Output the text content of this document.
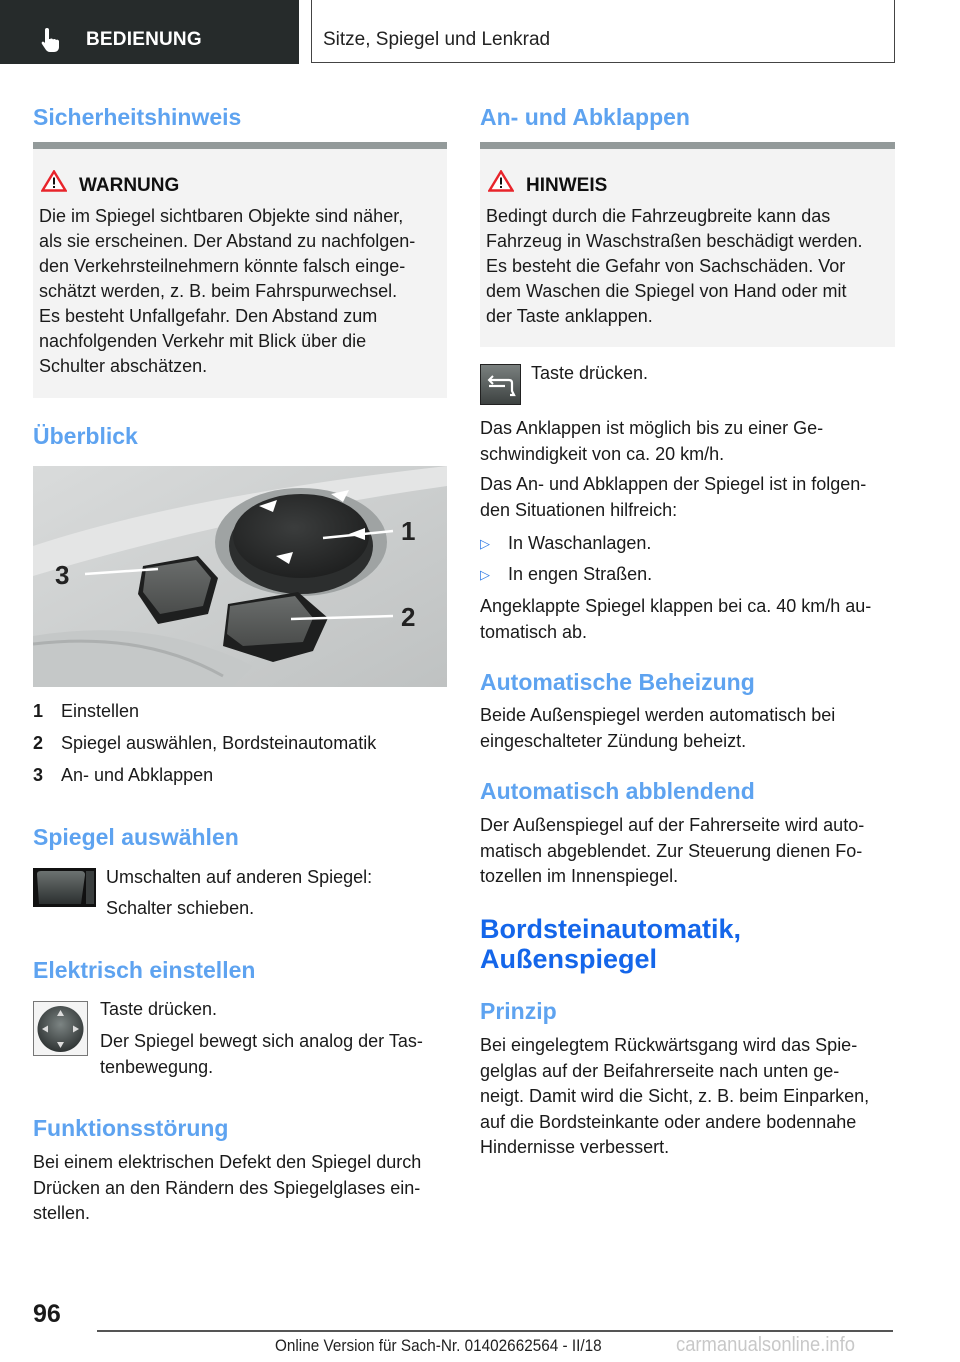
BEDIENUNG	Sitze, Spiegel und Lenkrad
Sicherheitshinweis
WARNUNG
Die im Spiegel sichtbaren Objekte sind näher,
als sie erscheinen. Der Abstand zu nachfolgen-
den Verkehrsteilnehmern könnte falsch einge-
schätzt werden, z. B. beim Fahrspurwechsel.
Es besteht Unfallgefahr. Den Abstand zum
nachfolgenden Verkehr mit Blick über die
Schulter abschätzen.
Überblick
1
2
3
1 Einstellen
2 Spiegel auswählen, Bordsteinautomatik
3 An- und Abklappen
Spiegel auswählen
Umschalten auf anderen Spiegel:
Schalter schieben.
Elektrisch einstellen
Taste drücken.
Der Spiegel bewegt sich analog der Tas-
tenbewegung.
Funktionsstörung
Bei einem elektrischen Defekt den Spiegel durch
Drücken an den Rändern des Spiegelglases ein-
stellen.
An- und Abklappen
HINWEIS
Bedingt durch die Fahrzeugbreite kann das
Fahrzeug in Waschstraßen beschädigt werden.
Es besteht die Gefahr von Sachschäden. Vor
dem Waschen die Spiegel von Hand oder mit
der Taste anklappen.
Taste drücken.
Das Anklappen ist möglich bis zu einer Ge-
schwindigkeit von ca. 20 km/h.
Das An- und Abklappen der Spiegel ist in folgen-
den Situationen hilfreich:
▷ In Waschanlagen.
▷ In engen Straßen.
Angeklappte Spiegel klappen bei ca. 40 km/h au-
tomatisch ab.
Automatische Beheizung
Beide Außenspiegel werden automatisch bei
eingeschalteter Zündung beheizt.
Automatisch abblendend
Der Außenspiegel auf der Fahrerseite wird auto-
matisch abgeblendet. Zur Steuerung dienen Fo-
tozellen im Innenspiegel.
Bordsteinautomatik,
Außenspiegel
Prinzip
Bei eingelegtem Rückwärtsgang wird das Spie-
gelglas auf der Beifahrerseite nach unten ge-
neigt. Damit wird die Sicht, z. B. beim Einparken,
auf die Bordsteinkante oder andere bodennahe
Hindernisse verbessert.
96
Online Version für Sach-Nr. 01402662564 - II/18	carmanualsonline.info
